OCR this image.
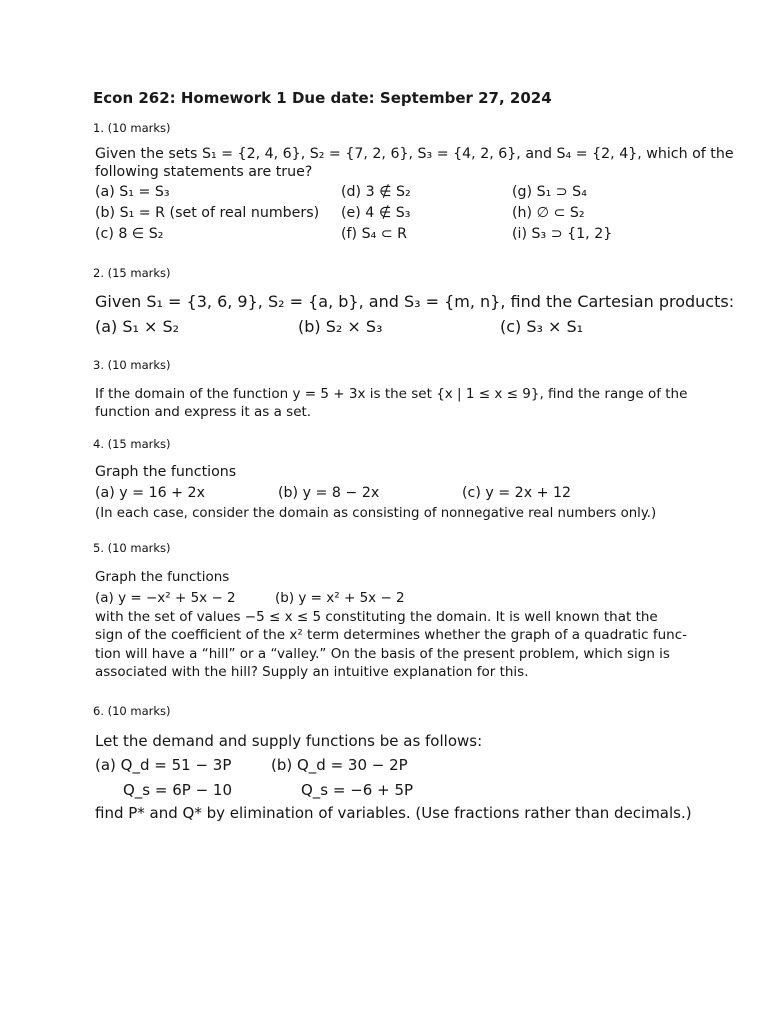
Econ 262: Homework 1 Due date: September 27, 2024
1. (10 marks)
Given the sets S₁ = {2, 4, 6}, S₂ = {7, 2, 6}, S₃ = {4, 2, 6}, and S₄ = {2, 4}, which of the
following statements are true?
(a) S₁ = S₃	(d) 3 ∉ S₂	(g) S₁ ⊃ S₄
(b) S₁ = R (set of real numbers)	(e) 4 ∉ S₃	(h) ∅ ⊂ S₂
(c) 8 ∈ S₂	(f) S₄ ⊂ R	(i) S₃ ⊃ {1, 2}
2. (15 marks)
Given S₁ = {3, 6, 9}, S₂ = {a, b}, and S₃ = {m, n}, find the Cartesian products:
(a) S₁ × S₂	(b) S₂ × S₃	(c) S₃ × S₁
3. (10 marks)
If the domain of the function y = 5 + 3x is the set {x | 1 ≤ x ≤ 9}, find the range of the
function and express it as a set.
4. (15 marks)
Graph the functions
(a) y = 16 + 2x	(b) y = 8 − 2x	(c) y = 2x + 12
(In each case, consider the domain as consisting of nonnegative real numbers only.)
5. (10 marks)
Graph the functions
(a) y = −x² + 5x − 2	(b) y = x² + 5x − 2
with the set of values −5 ≤ x ≤ 5 constituting the domain. It is well known that the
sign of the coefficient of the x² term determines whether the graph of a quadratic func-
tion will have a “hill” or a “valley.” On the basis of the present problem, which sign is
associated with the hill? Supply an intuitive explanation for this.
6. (10 marks)
Let the demand and supply functions be as follows:
(a) Q_d = 51 − 3P	(b) Q_d = 30 − 2P
Q_s = 6P − 10	Q_s = −6 + 5P
find P* and Q* by elimination of variables. (Use fractions rather than decimals.)
